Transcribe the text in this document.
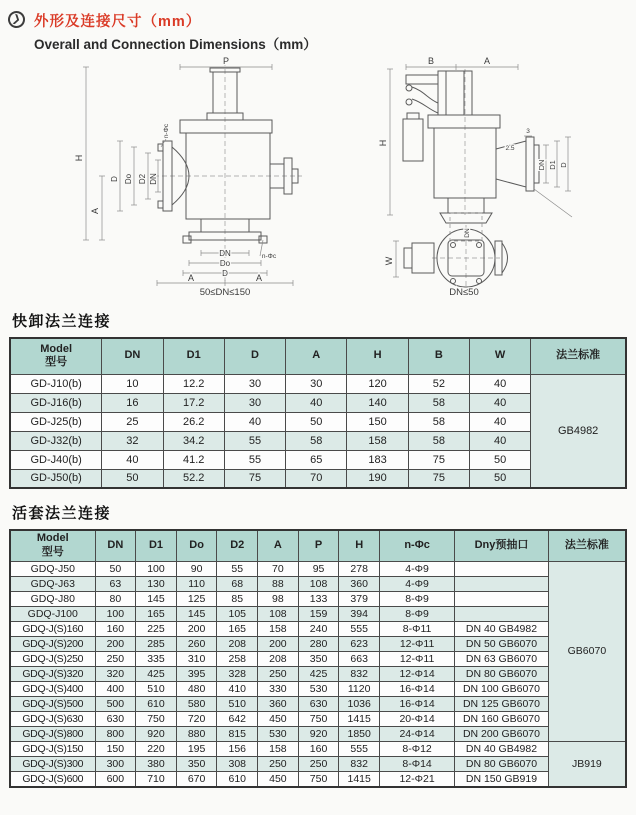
❯ 外形及连接尺寸（mm）
Overall and Connection Dimensions（mm）
P
H
A
D Do D2 DN
n-Φc
DN	n-Φc
Do
D
A	A
50≤DN≤150
B	A
H
3
2.5
DN D1 D
DN
W
DN≤50
快卸法兰连接
Model
型号	DN	D1	D	A	H	B	W	法兰标准
GD-J10(b)	10	12.2	30	30	120	52	40	GB4982
GD-J16(b)	16	17.2	30	40	140	58	40	
GD-J25(b)	25	26.2	40	50	150	58	40	
GD-J32(b)	32	34.2	55	58	158	58	40	
GD-J40(b)	40	41.2	55	65	183	75	50	
GD-J50(b)	50	52.2	75	70	190	75	50	
活套法兰连接
Model
型号	DN	D1	Do	D2	A	P	H	n-Φc	Dny预抽口	法兰标准
GDQ-J50	50	100	90	55	70	95	278	4-Φ9		GB6070
GDQ-J63	63	130	110	68	88	108	360	4-Φ9		
GDQ-J80	80	145	125	85	98	133	379	8-Φ9		
GDQ-J100	100	165	145	105	108	159	394	8-Φ9		
GDQ-J(S)160	160	225	200	165	158	240	555	8-Φ11	DN 40 GB4982	
GDQ-J(S)200	200	285	260	208	200	280	623	12-Φ11	DN 50 GB6070	
GDQ-J(S)250	250	335	310	258	208	350	663	12-Φ11	DN 63 GB6070	
GDQ-J(S)320	320	425	395	328	250	425	832	12-Φ14	DN 80 GB6070	
GDQ-J(S)400	400	510	480	410	330	530	1120	16-Φ14	DN 100 GB6070	
GDQ-J(S)500	500	610	580	510	360	630	1036	16-Φ14	DN 125 GB6070	
GDQ-J(S)630	630	750	720	642	450	750	1415	20-Φ14	DN 160 GB6070	
GDQ-J(S)800	800	920	880	815	530	920	1850	24-Φ14	DN 200 GB6070	
GDQ-J(S)150	150	220	195	156	158	160	555	8-Φ12	DN 40 GB4982	JB919
GDQ-J(S)300	300	380	350	308	250	250	832	8-Φ14	DN 80 GB6070	
GDQ-J(S)600	600	710	670	610	450	750	1415	12-Φ21	DN 150 GB919	
